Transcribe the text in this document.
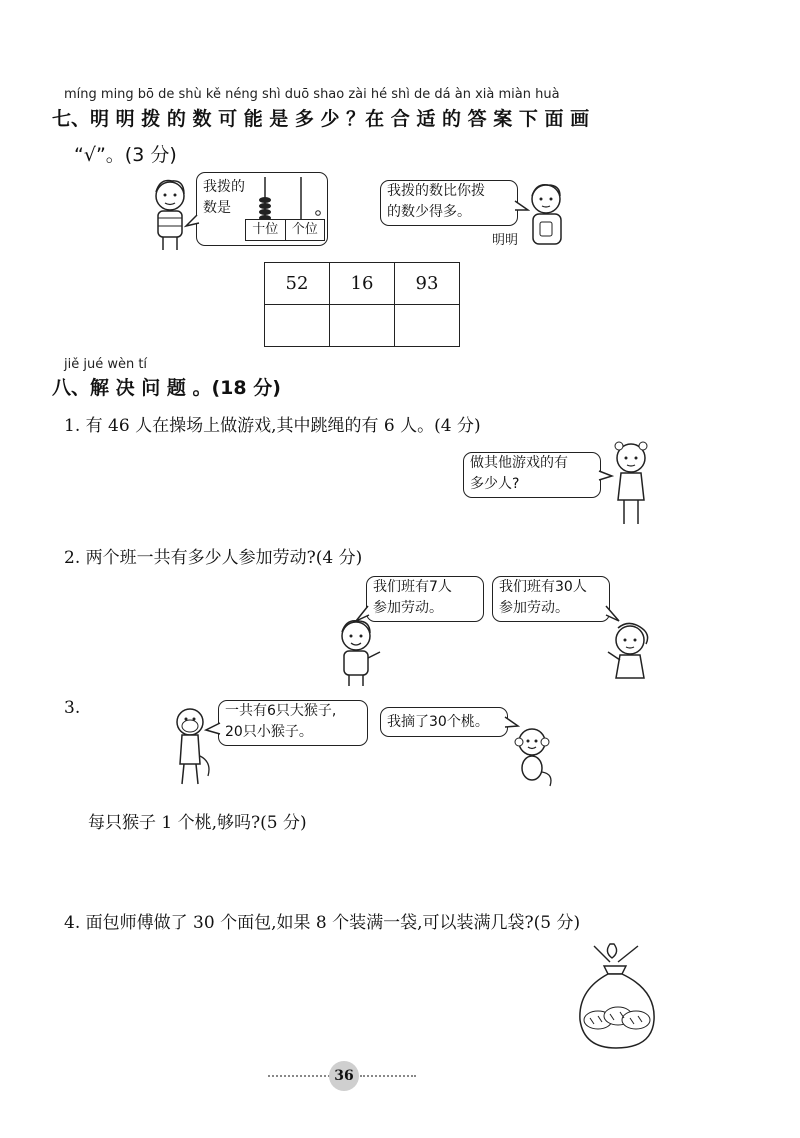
míng ming bō de shù kě néng shì duō shao zài hé shì de dá àn xià miàn huà
七、明 明 拨 的 数 可 能 是 多 少 ？在 合 适 的 答 案 下 面 画
“√”。(3 分)
我拨的
数是
十位	个位
我拨的数比你拨
的数少得多。
明明
52	16	93

jiě jué wèn tí
八、解 决 问 题 。(18 分)
1. 有 46 人在操场上做游戏,其中跳绳的有 6 人。(4 分)
做其他游戏的有
多少人?
2. 两个班一共有多少人参加劳动?(4 分)
我们班有7人
参加劳动。
我们班有30人
参加劳动。
3.	一共有6只大猴子,
20只小猴子。
我摘了30个桃。
每只猴子 1 个桃,够吗?(5 分)
4. 面包师傅做了 30 个面包,如果 8 个装满一袋,可以装满几袋?(5 分)
36
